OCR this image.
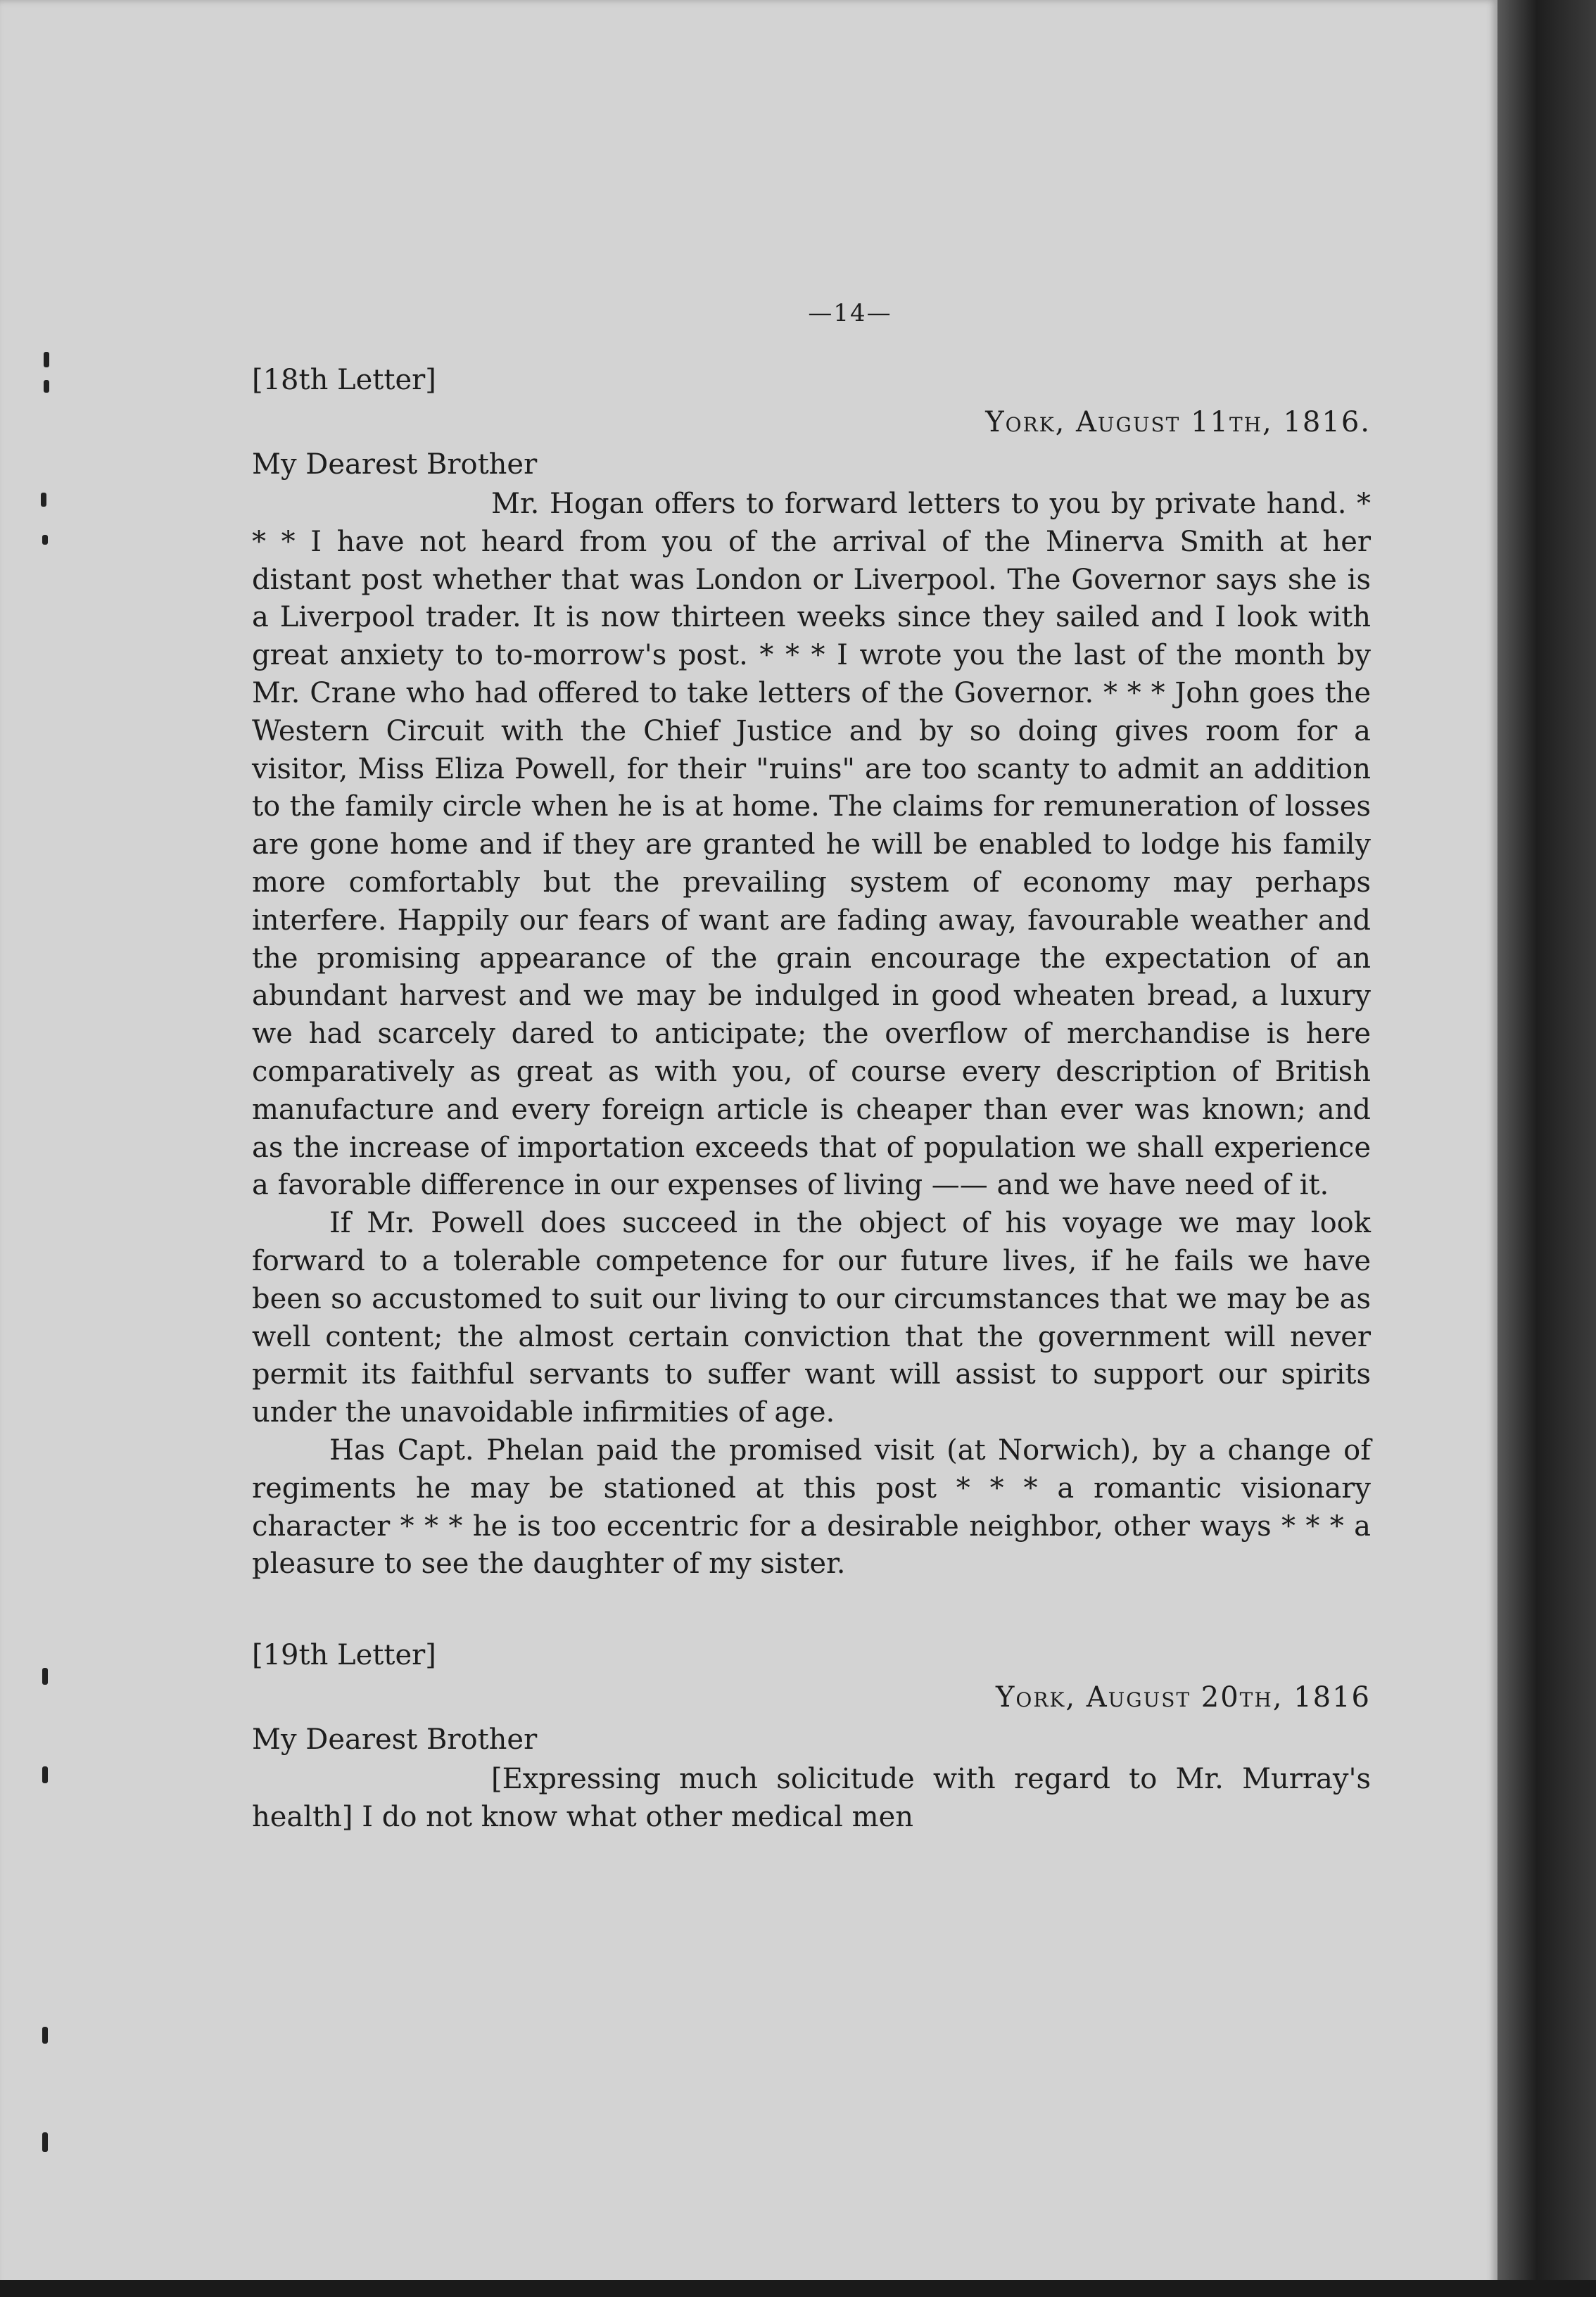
—14—
[18th Letter]
York, August 11th, 1816.
My Dearest Brother

Mr. Hogan offers to forward letters to you by private hand. * * * I have not heard from you of the arrival of the Minerva Smith at her distant post whether that was London or Liverpool. The Governor says she is a Liverpool trader. It is now thirteen weeks since they sailed and I look with great anxiety to to-morrow's post. * * * I wrote you the last of the month by Mr. Crane who had offered to take letters of the Governor. * * * John goes the Western Circuit with the Chief Justice and by so doing gives room for a visitor, Miss Eliza Powell, for their "ruins" are too scanty to admit an addition to the family circle when he is at home. The claims for remuneration of losses are gone home and if they are granted he will be enabled to lodge his family more comfortably but the prevailing system of economy may perhaps interfere. Happily our fears of want are fading away, favourable weather and the promising appearance of the grain encourage the expectation of an abundant harvest and we may be indulged in good wheaten bread, a luxury we had scarcely dared to anticipate; the overflow of merchandise is here comparatively as great as with you, of course every description of British manufacture and every foreign article is cheaper than ever was known; and as the increase of importation exceeds that of population we shall experience a favorable difference in our expenses of living —— and we have need of it.

If Mr. Powell does succeed in the object of his voyage we may look forward to a tolerable competence for our future lives, if he fails we have been so accustomed to suit our living to our circumstances that we may be as well content; the almost certain conviction that the government will never permit its faithful servants to suffer want will assist to support our spirits under the unavoidable infirmities of age.

Has Capt. Phelan paid the promised visit (at Norwich), by a change of regiments he may be stationed at this post * * * a romantic visionary character * * * he is too eccentric for a desirable neighbor, other ways * * * a pleasure to see the daughter of my sister.

[19th Letter]
York, August 20th, 1816
My Dearest Brother

[Expressing much solicitude with regard to Mr. Murray's health] I do not know what other medical men
